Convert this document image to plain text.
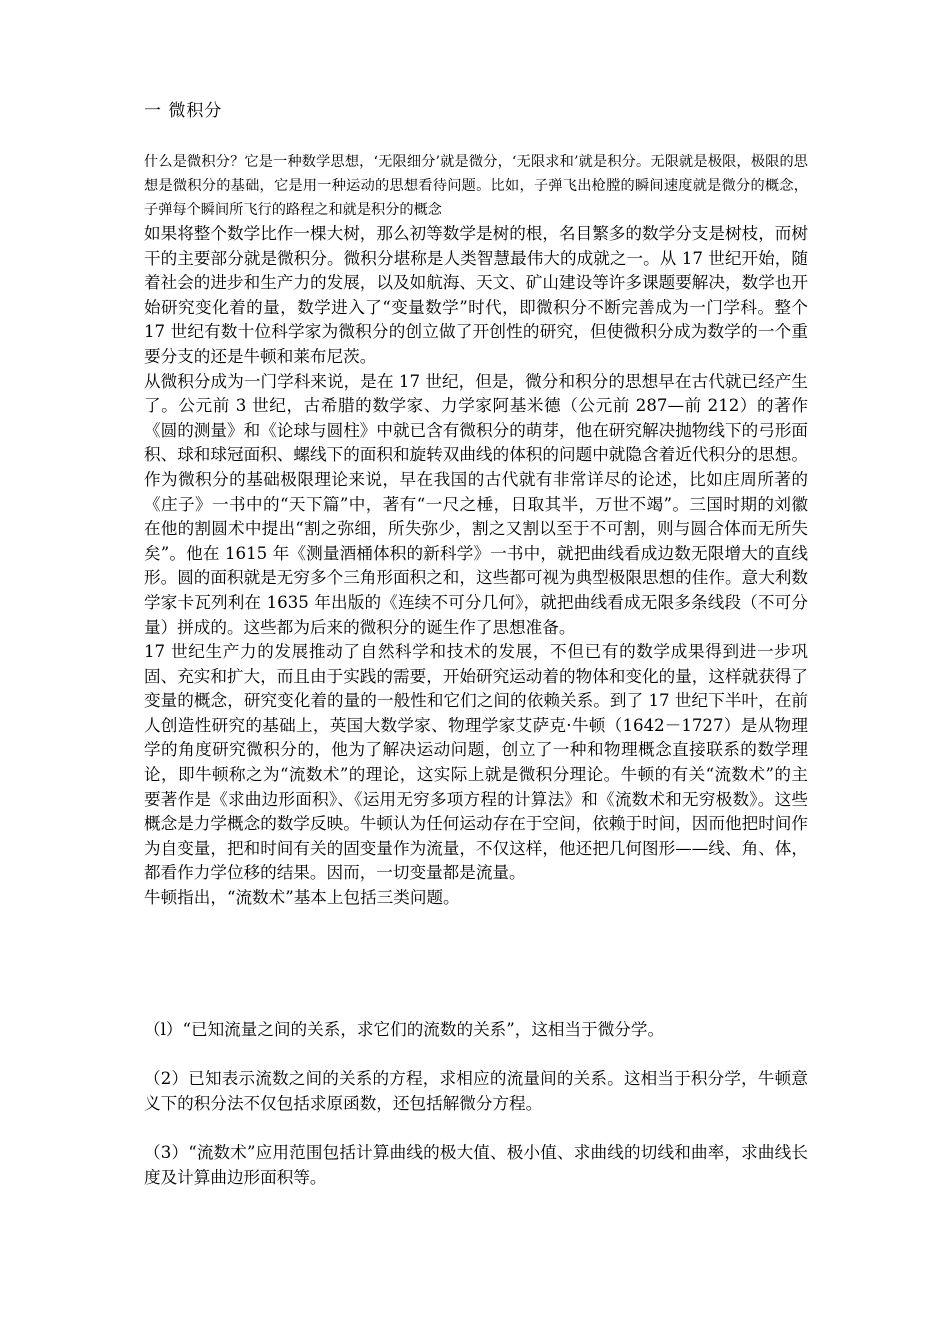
一 微积分

什么是微积分？它是一种数学思想，‘无限细分’就是微分，‘无限求和’就是积分。无限就是极限，极限的思想是微积分的基础，它是用一种运动的思想看待问题。比如，子弹飞出枪膛的瞬间速度就是微分的概念，子弹每个瞬间所飞行的路程之和就是积分的概念

如果将整个数学比作一棵大树，那么初等数学是树的根，名目繁多的数学分支是树枝，而树干的主要部分就是微积分。微积分堪称是人类智慧最伟大的成就之一。从 17 世纪开始，随着社会的进步和生产力的发展，以及如航海、天文、矿山建设等许多课题要解决，数学也开始研究变化着的量，数学进入了“变量数学”时代，即微积分不断完善成为一门学科。整个 17 世纪有数十位科学家为微积分的创立做了开创性的研究，但使微积分成为数学的一个重要分支的还是牛顿和莱布尼茨。

从微积分成为一门学科来说，是在 17 世纪，但是，微分和积分的思想早在古代就已经产生了。公元前 3 世纪，古希腊的数学家、力学家阿基米德（公元前 287—前 212）的著作《圆的测量》和《论球与圆柱》中就已含有微积分的萌芽，他在研究解决抛物线下的弓形面积、球和球冠面积、螺线下的面积和旋转双曲线的体积的问题中就隐含着近代积分的思想。作为微积分的基础极限理论来说，早在我国的古代就有非常详尽的论述，比如庄周所著的《庄子》一书中的“天下篇”中，著有“一尺之棰，日取其半，万世不竭”。三国时期的刘徽在他的割圆术中提出“割之弥细，所失弥少，割之又割以至于不可割，则与圆合体而无所失矣”。他在 1615 年《测量酒桶体积的新科学》一书中，就把曲线看成边数无限增大的直线形。圆的面积就是无穷多个三角形面积之和，这些都可视为典型极限思想的佳作。意大利数学家卡瓦列利在 1635 年出版的《连续不可分几何》，就把曲线看成无限多条线段（不可分量）拼成的。这些都为后来的微积分的诞生作了思想准备。

17 世纪生产力的发展推动了自然科学和技术的发展，不但已有的数学成果得到进一步巩固、充实和扩大，而且由于实践的需要，开始研究运动着的物体和变化的量，这样就获得了变量的概念，研究变化着的量的一般性和它们之间的依赖关系。到了 17 世纪下半叶，在前人创造性研究的基础上，英国大数学家、物理学家艾萨克·牛顿（1642－1727）是从物理学的角度研究微积分的，他为了解决运动问题，创立了一种和物理概念直接联系的数学理论，即牛顿称之为“流数术”的理论，这实际上就是微积分理论。牛顿的有关“流数术”的主要著作是《求曲边形面积》、《运用无穷多项方程的计算法》和《流数术和无穷极数》。这些概念是力学概念的数学反映。牛顿认为任何运动存在于空间，依赖于时间，因而他把时间作为自变量，把和时间有关的固变量作为流量，不仅这样，他还把几何图形——线、角、体，都看作力学位移的结果。因而，一切变量都是流量。

牛顿指出，“流数术”基本上包括三类问题。

（l）“已知流量之间的关系，求它们的流数的关系”，这相当于微分学。

（2）已知表示流数之间的关系的方程，求相应的流量间的关系。这相当于积分学，牛顿意义下的积分法不仅包括求原函数，还包括解微分方程。

（3）“流数术”应用范围包括计算曲线的极大值、极小值、求曲线的切线和曲率，求曲线长度及计算曲边形面积等。
